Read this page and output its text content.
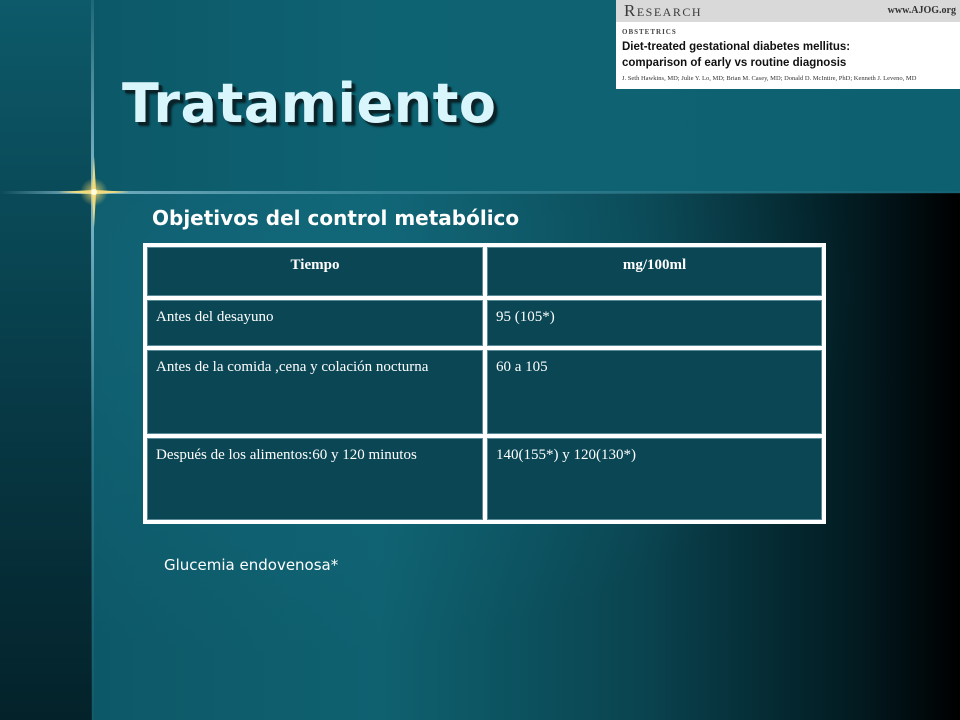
Research	www.AJOG.org
OBSTETRICS
Diet-treated gestational diabetes mellitus:
comparison of early vs routine diagnosis
J. Seth Hawkins, MD; Julie Y. Lo, MD; Brian M. Casey, MD; Donald D. McIntire, PhD; Kenneth J. Leveno, MD
Tratamiento
Objetivos del control metabólico
Tiempo	mg/100ml
Antes del desayuno	95 (105*)
Antes de la comida ,cena y colación nocturna	60 a 105
Después de los alimentos:60 y 120 minutos	140(155*) y 120(130*)
Glucemia endovenosa*
